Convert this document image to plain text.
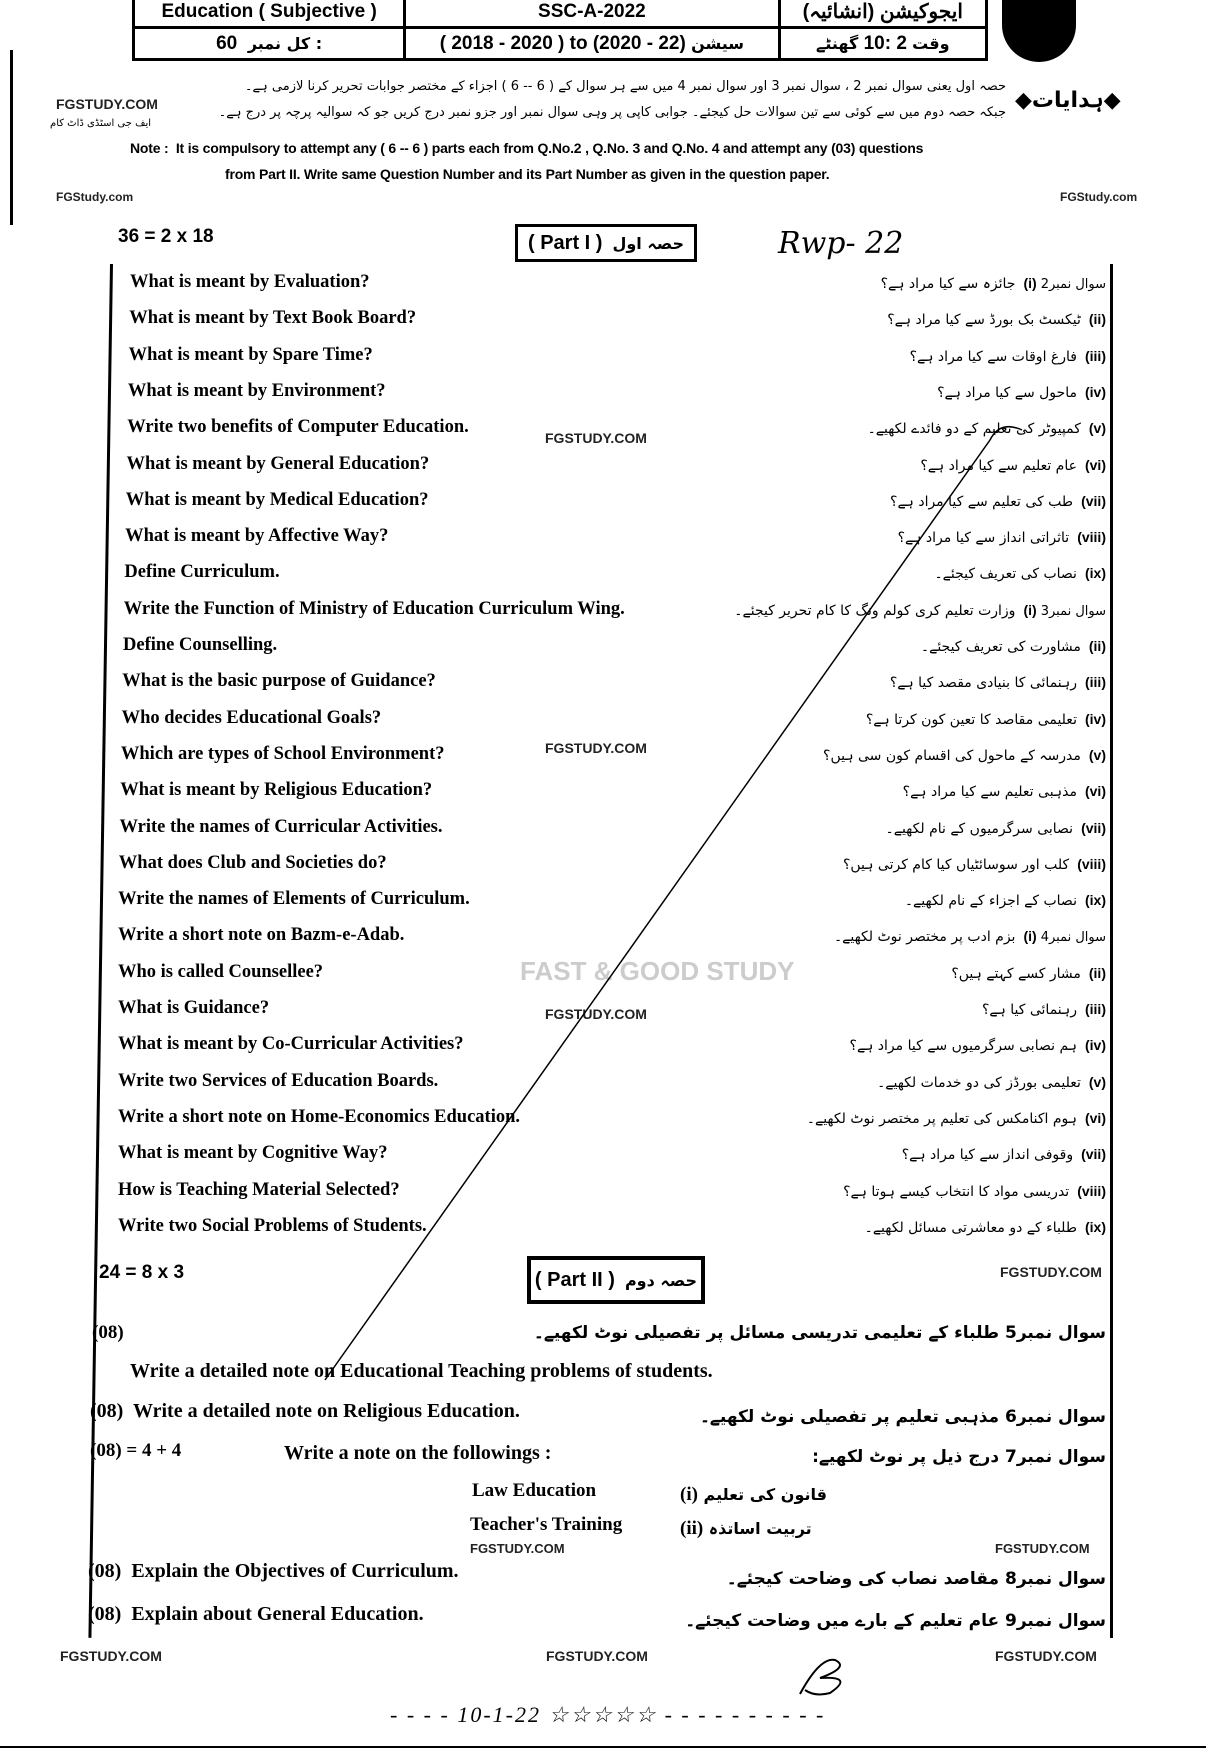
Education ( Subjective )	SSC-A-2022	ایجوکیشن (انشائیہ)
60 کل نمبر :	( 2018 - 2020 ) to (2020 - 22) سیشن	وقت 2 :10 گھنٹے
FGSTUDY.COM
ایف جی اسٹڈی ڈاٹ کام
حصہ اول یعنی سوال نمبر 2 ، سوال نمبر 3 اور سوال نمبر 4 میں سے ہر سوال کے ( 6 -- 6 ) اجزاء کے مختصر جوابات تحریر کرنا لازمی ہے۔
جبکہ حصہ دوم میں سے کوئی سے تین سوالات حل کیجئے۔ جوابی کاپی پر وہی سوال نمبر اور جزو نمبر درج کریں جو کہ سوالیہ پرچہ پر درج ہے۔	◆ہدایات◆
Note : It is compulsory to attempt any ( 6 -- 6 ) parts each from Q.No.2 , Q.No. 3 and Q.No. 4 and attempt any (03) questions
from Part II. Write same Question Number and its Part Number as given in the question paper.
FGStudy.com	FGStudy.com
36 = 2 x 18	( Part I ) حصہ اول	Rwp- 22
What is meant by Evaluation?	سوال نمبر2(i)جائزہ سے کیا مراد ہے؟
What is meant by Text Book Board?	(ii)ٹیکسٹ بک بورڈ سے کیا مراد ہے؟
What is meant by Spare Time?	(iii)فارغ اوقات سے کیا مراد ہے؟
What is meant by Environment?	(iv)ماحول سے کیا مراد ہے؟
Write two benefits of Computer Education.	(v)کمپیوٹر کی تعلیم کے دو فائدے لکھیے۔
What is meant by General Education?	(vi)عام تعلیم سے کیا مراد ہے؟
What is meant by Medical Education?	(vii)طب کی تعلیم سے کیا مراد ہے؟
What is meant by Affective Way?	(viii)تاثراتی انداز سے کیا مراد ہے؟
Define Curriculum.	(ix)نصاب کی تعریف کیجئے۔
Write the Function of Ministry of Education Curriculum Wing.	سوال نمبر3(i)وزارت تعلیم کری کولم ونگ کا کام تحریر کیجئے۔
Define Counselling.	(ii)مشاورت کی تعریف کیجئے۔
What is the basic purpose of Guidance?	(iii)رہنمائی کا بنیادی مقصد کیا ہے؟
Who decides Educational Goals?	(iv)تعلیمی مقاصد کا تعین کون کرتا ہے؟
Which are types of School Environment?	(v)مدرسہ کے ماحول کی اقسام کون سی ہیں؟
What is meant by Religious Education?	(vi)مذہبی تعلیم سے کیا مراد ہے؟
Write the names of Curricular Activities.	(vii)نصابی سرگرمیوں کے نام لکھیے۔
What does Club and Societies do?	(viii)کلب اور سوسائٹیاں کیا کام کرتی ہیں؟
Write the names of Elements of Curriculum.	(ix)نصاب کے اجزاء کے نام لکھیے۔
Write a short note on Bazm-e-Adab.	سوال نمبر4(i)بزم ادب پر مختصر نوٹ لکھیے۔
Who is called Counsellee?	(ii)مشار کسے کہتے ہیں؟
What is Guidance?	(iii)رہنمائی کیا ہے؟
What is meant by Co-Curricular Activities?	(iv)ہم نصابی سرگرمیوں سے کیا مراد ہے؟
Write two Services of Education Boards.	(v)تعلیمی بورڈز کی دو خدمات لکھیے۔
Write a short note on Home-Economics Education.	(vi)ہوم اکنامکس کی تعلیم پر مختصر نوٹ لکھیے۔
What is meant by Cognitive Way?	(vii)وقوفی انداز سے کیا مراد ہے؟
How is Teaching Material Selected?	(viii)تدریسی مواد کا انتخاب کیسے ہوتا ہے؟
Write two Social Problems of Students.	(ix)طلباء کے دو معاشرتی مسائل لکھیے۔
FGSTUDY.COM
FGSTUDY.COM
FAST & GOOD STUDY
FGSTUDY.COM
24 = 8 x 3	( Part II ) حصہ دوم	FGSTUDY.COM
(08)	سوال نمبر5 طلباء کے تعلیمی تدریسی مسائل پر تفصیلی نوٹ لکھیے۔
Write a detailed note on Educational Teaching problems of students.
(08) Write a detailed note on Religious Education.	سوال نمبر6 مذہبی تعلیم پر تفصیلی نوٹ لکھیے۔
(08) = 4 + 4	Write a note on the followings :	سوال نمبر7 درج ذیل پر نوٹ لکھیے:
Law Education	قانون کی تعلیم (i)
Teacher's Training	تربیت اساتذہ (ii)
FGSTUDY.COM	FGSTUDY.COM
(08) Explain the Objectives of Curriculum.	سوال نمبر8 مقاصد نصاب کی وضاحت کیجئے۔
(08) Explain about General Education.	سوال نمبر9 عام تعلیم کے بارے میں وضاحت کیجئے۔
FGSTUDY.COM	FGSTUDY.COM	FGSTUDY.COM
- - - - 10-1-22 ☆☆☆☆☆ - - - - - - - - - -
